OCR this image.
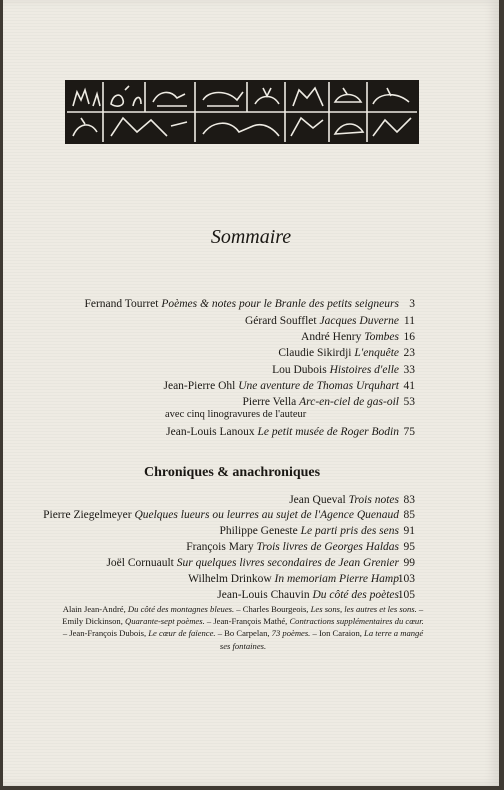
Sommaire
Fernand Tourret Poèmes & notes pour le Branle des petits seigneurs 3
Gérard Soufflet Jacques Duverne 11
André Henry Tombes 16
Claudie Sikirdji L'enquête 23
Lou Dubois Histoires d'elle 33
Jean-Pierre Ohl Une aventure de Thomas Urquhart 41
Pierre Vella Arc-en-ciel de gas-oil 53
avec cinq linogravures de l'auteur
Jean-Louis Lanoux Le petit musée de Roger Bodin 75
Chroniques & anachroniques
Jean Queval Trois notes 83
Pierre Ziegelmeyer Quelques lueurs ou leurres au sujet de l'Agence Quenaud 85
Philippe Geneste Le parti pris des sens 91
François Mary Trois livres de Georges Haldas 95
Joël Cornuault Sur quelques livres secondaires de Jean Grenier 99
Wilhelm Drinkow In memoriam Pierre Hamp
103
Jean-Louis Chauvin Du côté des poètes
105
Alain Jean-André, Du côté des montagnes bleues. – Charles Bourgeois, Les sons, les autres et les sons. – Emily Dickinson, Quarante-sept poèmes. – Jean-François Mathé, Contractions supplémentaires du cœur. – Jean-François Dubois, Le cœur de faïence. – Bo Carpelan, 73 poèmes. – Ion Caraion, La terre a mangé ses fontaines.
